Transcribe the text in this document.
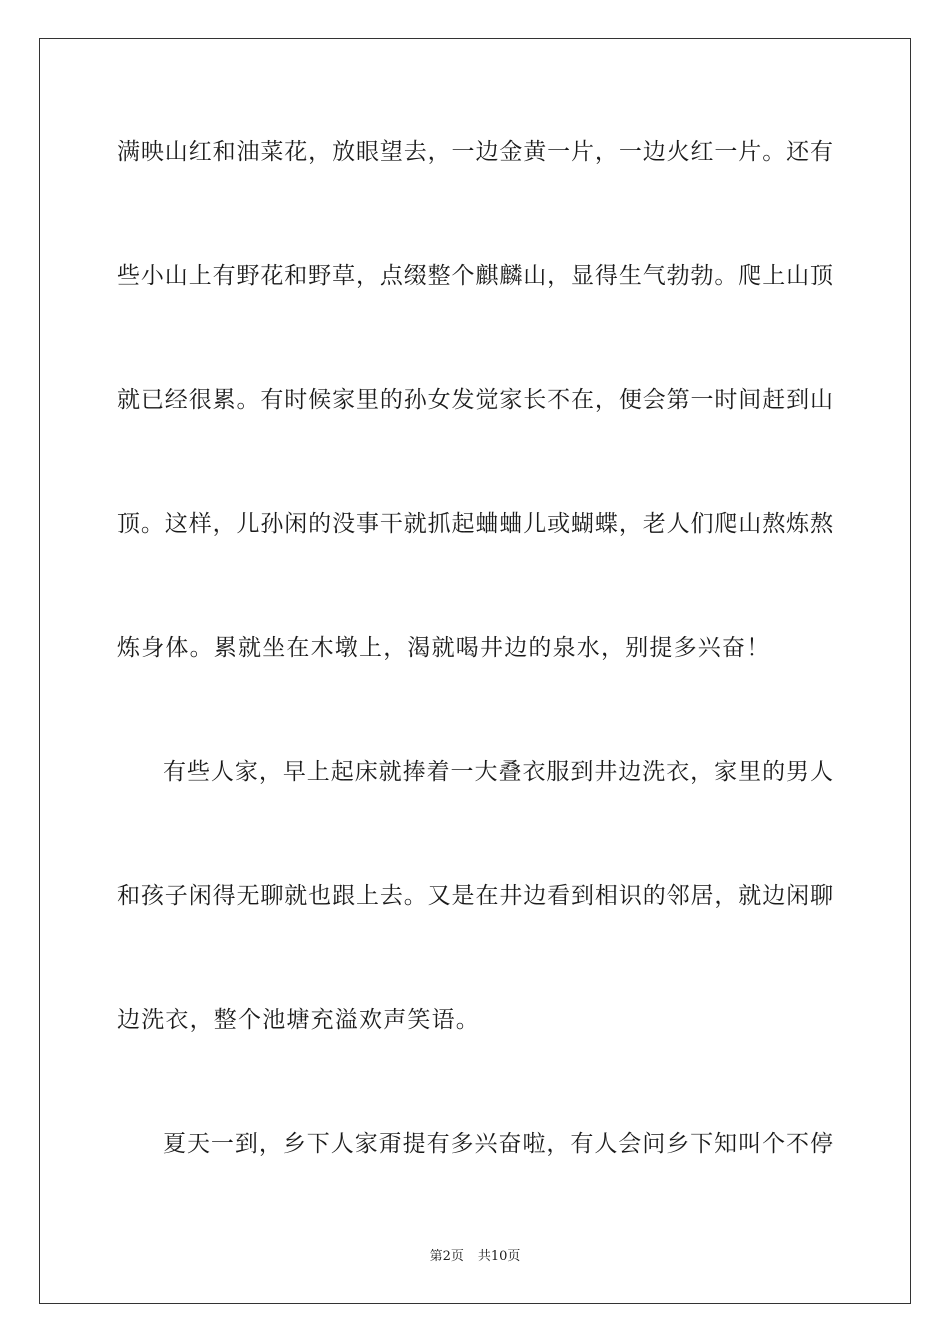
满映山红和油菜花，放眼望去，一边金黄一片，一边火红一片。还有
些小山上有野花和野草，点缀整个麒麟山，显得生气勃勃。爬上山顶
就已经很累。有时候家里的孙女发觉家长不在，便会第一时间赶到山
顶。这样，儿孙闲的没事干就抓起蛐蛐儿或蝴蝶，老人们爬山熬炼熬
炼身体。累就坐在木墩上，渴就喝井边的泉水，别提多兴奋！
有些人家，早上起床就捧着一大叠衣服到井边洗衣，家里的男人
和孩子闲得无聊就也跟上去。又是在井边看到相识的邻居，就边闲聊
边洗衣，整个池塘充溢欢声笑语。
夏天一到，乡下人家甭提有多兴奋啦，有人会问乡下知叫个不停
第2页 共10页
